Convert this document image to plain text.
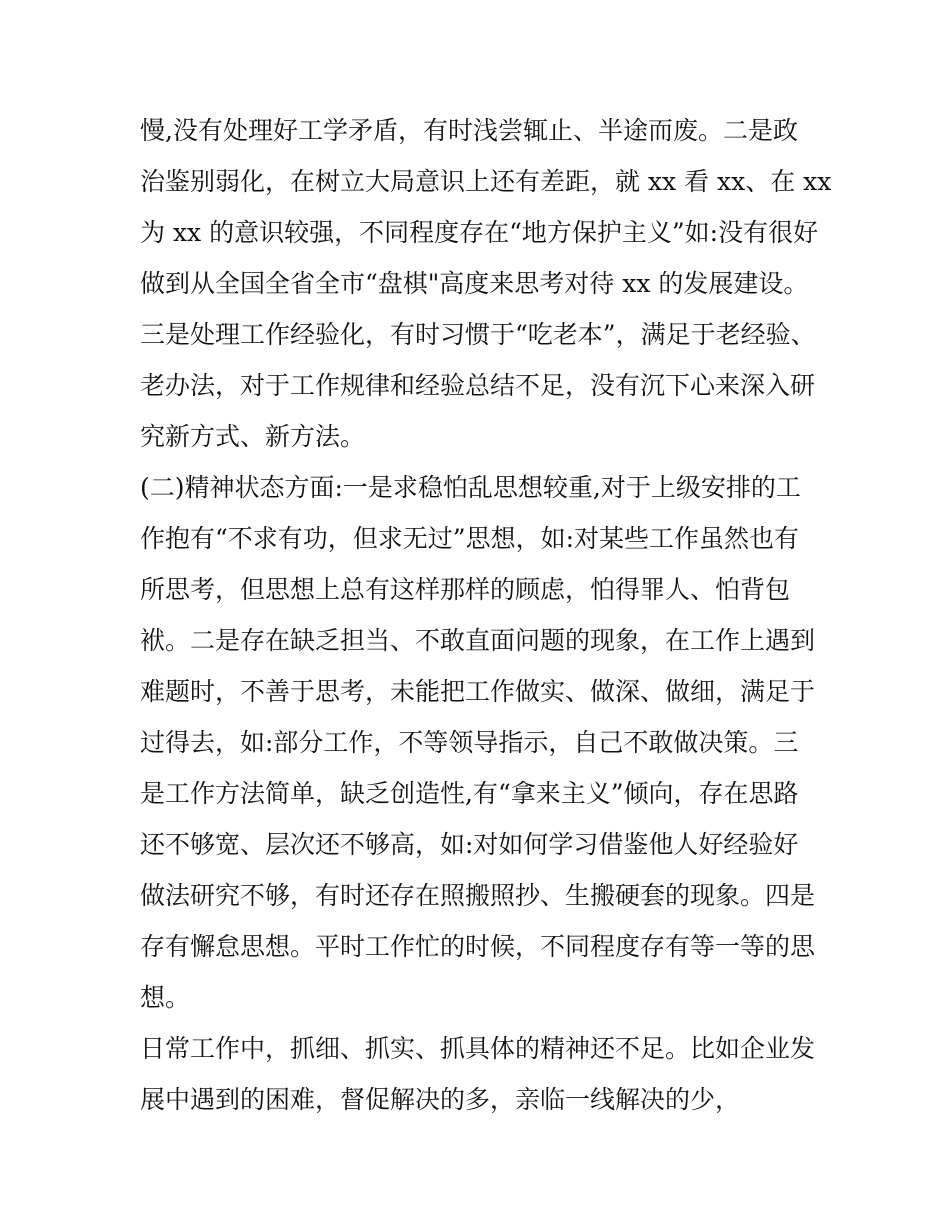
慢,没有处理好工学矛盾，有时浅尝辄止、半途而废。二是政
治鉴别弱化，在树立大局意识上还有差距，就 xx 看 xx、在 xx
为 xx 的意识较强，不同程度存在“地方保护主义”如:没有很好
做到从全国全省全市“盘棋"高度来思考对待 xx 的发展建设。
三是处理工作经验化，有时习惯于“吃老本”，满足于老经验、
老办法，对于工作规律和经验总结不足，没有沉下心来深入研
究新方式、新方法。
(二)精神状态方面:一是求稳怕乱思想较重,对于上级安排的工
作抱有“不求有功，但求无过”思想，如:对某些工作虽然也有
所思考，但思想上总有这样那样的顾虑，怕得罪人、怕背包
袱。二是存在缺乏担当、不敢直面问题的现象，在工作上遇到
难题时，不善于思考，未能把工作做实、做深、做细，满足于
过得去，如:部分工作，不等领导指示，自己不敢做决策。三
是工作方法简单，缺乏创造性,有“拿来主义”倾向，存在思路
还不够宽、层次还不够高，如:对如何学习借鉴他人好经验好
做法研究不够，有时还存在照搬照抄、生搬硬套的现象。四是
存有懈怠思想。平时工作忙的时候，不同程度存有等一等的思
想。
日常工作中，抓细、抓实、抓具体的精神还不足。比如企业发
展中遇到的困难，督促解决的多，亲临一线解决的少，
